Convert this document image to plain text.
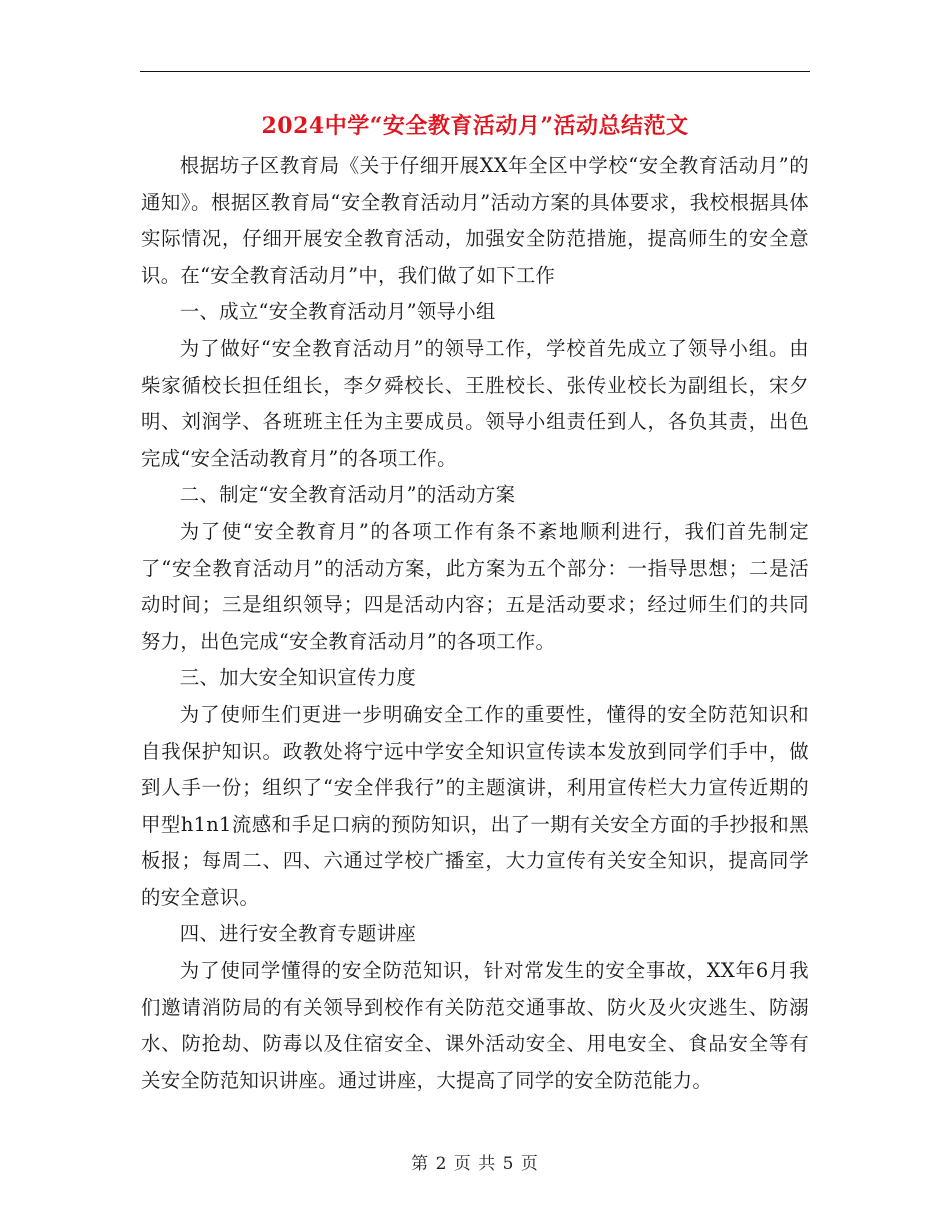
2024中学“安全教育活动月”活动总结范文

根据坊子区教育局《关于仔细开展XX年全区中学校“安全教育活动月”的通知》。根据区教育局“安全教育活动月”活动方案的具体要求，我校根据具体实际情况，仔细开展安全教育活动，加强安全防范措施，提高师生的安全意识。在“安全教育活动月”中，我们做了如下工作

一、成立“安全教育活动月”领导小组

为了做好“安全教育活动月”的领导工作，学校首先成立了领导小组。由柴家循校长担任组长，李夕舜校长、王胜校长、张传业校长为副组长，宋夕明、刘润学、各班班主任为主要成员。领导小组责任到人，各负其责，出色完成“安全活动教育月”的各项工作。

二、制定“安全教育活动月”的活动方案

为了使“安全教育月”的各项工作有条不紊地顺利进行，我们首先制定了“安全教育活动月”的活动方案，此方案为五个部分：一指导思想；二是活动时间；三是组织领导；四是活动内容；五是活动要求；经过师生们的共同努力，出色完成“安全教育活动月”的各项工作。

三、加大安全知识宣传力度

为了使师生们更进一步明确安全工作的重要性，懂得的安全防范知识和自我保护知识。政教处将宁远中学安全知识宣传读本发放到同学们手中，做到人手一份；组织了“安全伴我行”的主题演讲，利用宣传栏大力宣传近期的甲型h1n1流感和手足口病的预防知识，出了一期有关安全方面的手抄报和黑板报；每周二、四、六通过学校广播室，大力宣传有关安全知识，提高同学的安全意识。

四、进行安全教育专题讲座

为了使同学懂得的安全防范知识，针对常发生的安全事故，XX年6月我们邀请消防局的有关领导到校作有关防范交通事故、防火及火灾逃生、防溺水、防抢劫、防毒以及住宿安全、课外活动安全、用电安全、食品安全等有关安全防范知识讲座。通过讲座，大提高了同学的安全防范能力。

第 2 页 共 5 页
